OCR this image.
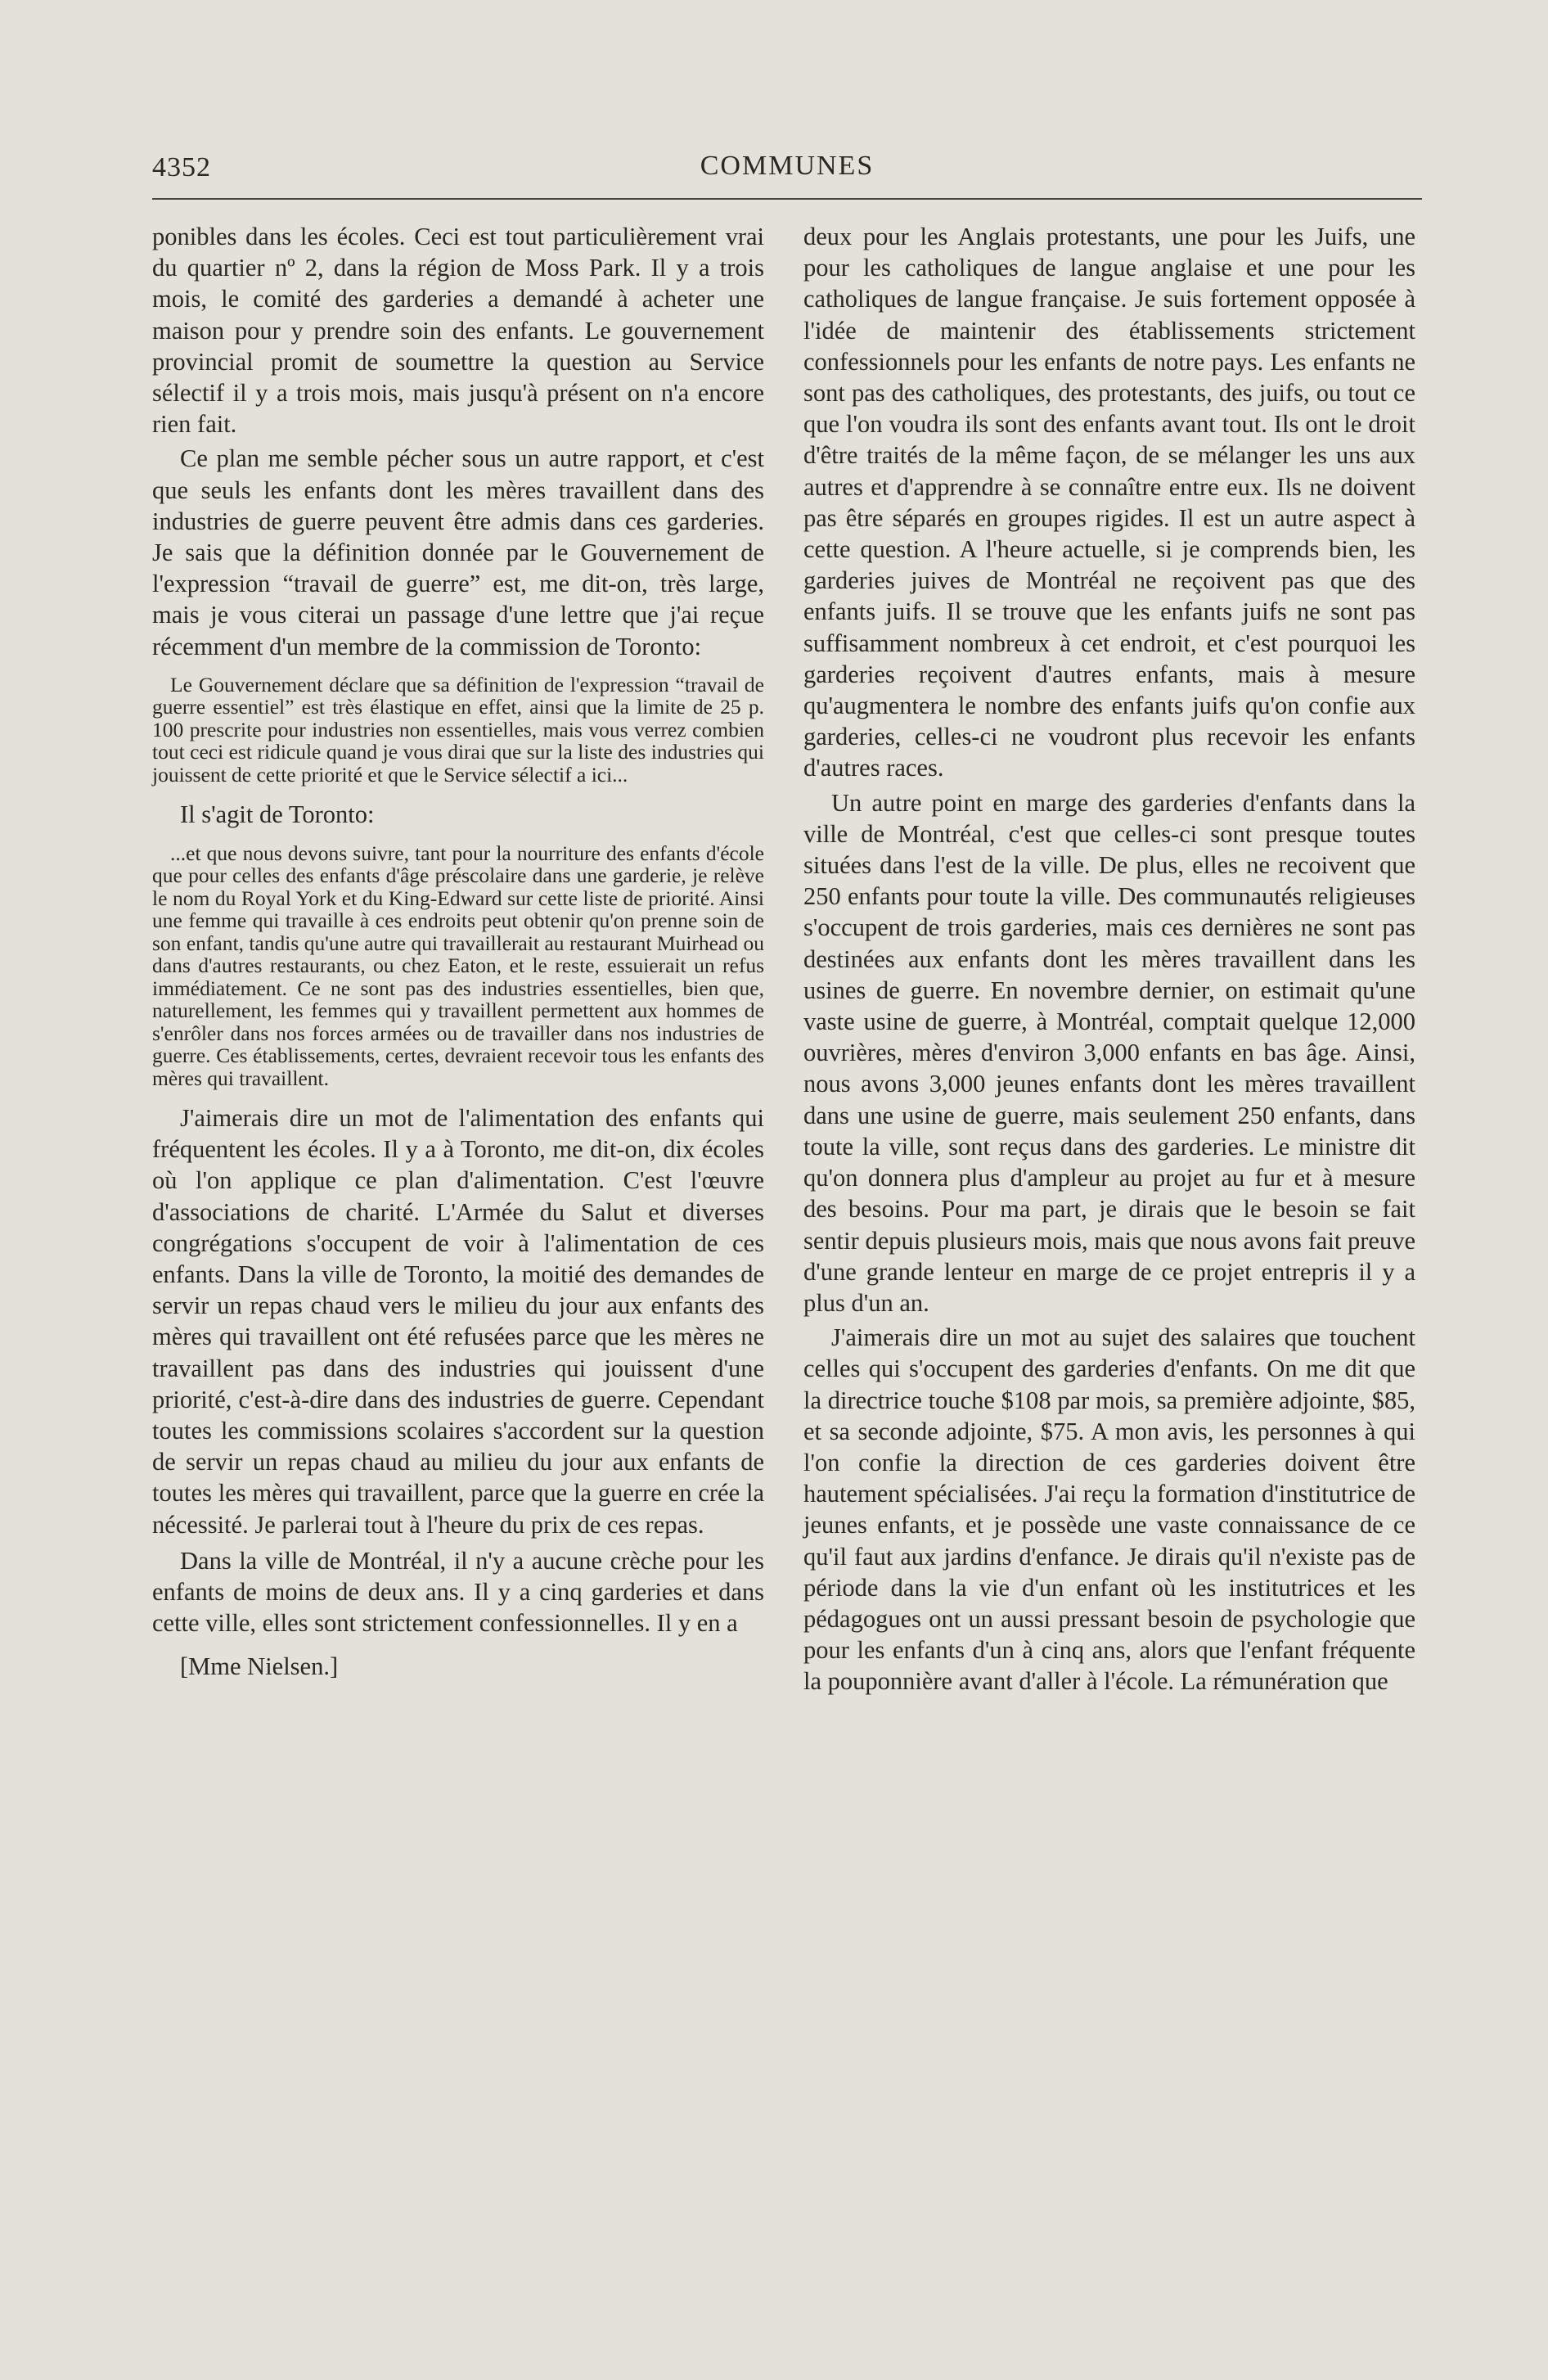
4352	COMMUNES

ponibles dans les écoles. Ceci est tout particulièrement vrai du quartier nº 2, dans la région de Moss Park. Il y a trois mois, le comité des garderies a demandé à acheter une maison pour y prendre soin des enfants. Le gouvernement provincial promit de soumettre la question au Service sélectif il y a trois mois, mais jusqu'à présent on n'a encore rien fait.

Ce plan me semble pécher sous un autre rapport, et c'est que seuls les enfants dont les mères travaillent dans des industries de guerre peuvent être admis dans ces garderies. Je sais que la définition donnée par le Gouvernement de l'expression “travail de guerre” est, me dit-on, très large, mais je vous citerai un passage d'une lettre que j'ai reçue récemment d'un membre de la commission de Toronto:

Le Gouvernement déclare que sa définition de l'expression “travail de guerre essentiel” est très élastique en effet, ainsi que la limite de 25 p. 100 prescrite pour industries non essentielles, mais vous verrez combien tout ceci est ridicule quand je vous dirai que sur la liste des industries qui jouissent de cette priorité et que le Service sélectif a ici...

Il s'agit de Toronto:

...et que nous devons suivre, tant pour la nourriture des enfants d'école que pour celles des enfants d'âge préscolaire dans une garderie, je relève le nom du Royal York et du King-Edward sur cette liste de priorité. Ainsi une femme qui travaille à ces endroits peut obtenir qu'on prenne soin de son enfant, tandis qu'une autre qui travaillerait au restaurant Muirhead ou dans d'autres restaurants, ou chez Eaton, et le reste, essuierait un refus immédiatement. Ce ne sont pas des industries essentielles, bien que, naturellement, les femmes qui y travaillent permettent aux hommes de s'enrôler dans nos forces armées ou de travailler dans nos industries de guerre. Ces établissements, certes, devraient recevoir tous les enfants des mères qui travaillent.

J'aimerais dire un mot de l'alimentation des enfants qui fréquentent les écoles. Il y a à Toronto, me dit-on, dix écoles où l'on applique ce plan d'alimentation. C'est l'œuvre d'associations de charité. L'Armée du Salut et diverses congrégations s'occupent de voir à l'alimentation de ces enfants. Dans la ville de Toronto, la moitié des demandes de servir un repas chaud vers le milieu du jour aux enfants des mères qui travaillent ont été refusées parce que les mères ne travaillent pas dans des industries qui jouissent d'une priorité, c'est-à-dire dans des industries de guerre. Cependant toutes les commissions scolaires s'accordent sur la question de servir un repas chaud au milieu du jour aux enfants de toutes les mères qui travaillent, parce que la guerre en crée la nécessité. Je parlerai tout à l'heure du prix de ces repas.

Dans la ville de Montréal, il n'y a aucune crèche pour les enfants de moins de deux ans. Il y a cinq garderies et dans cette ville, elles sont strictement confessionnelles. Il y en a

[Mme Nielsen.]

deux pour les Anglais protestants, une pour les Juifs, une pour les catholiques de langue anglaise et une pour les catholiques de langue française. Je suis fortement opposée à l'idée de maintenir des établissements strictement confessionnels pour les enfants de notre pays. Les enfants ne sont pas des catholiques, des protestants, des juifs, ou tout ce que l'on voudra ils sont des enfants avant tout. Ils ont le droit d'être traités de la même façon, de se mélanger les uns aux autres et d'apprendre à se connaître entre eux. Ils ne doivent pas être séparés en groupes rigides. Il est un autre aspect à cette question. A l'heure actuelle, si je comprends bien, les garderies juives de Montréal ne reçoivent pas que des enfants juifs. Il se trouve que les enfants juifs ne sont pas suffisamment nombreux à cet endroit, et c'est pourquoi les garderies reçoivent d'autres enfants, mais à mesure qu'augmentera le nombre des enfants juifs qu'on confie aux garderies, celles-ci ne voudront plus recevoir les enfants d'autres races.

Un autre point en marge des garderies d'enfants dans la ville de Montréal, c'est que celles-ci sont presque toutes situées dans l'est de la ville. De plus, elles ne recoivent que 250 enfants pour toute la ville. Des communautés religieuses s'occupent de trois garderies, mais ces dernières ne sont pas destinées aux enfants dont les mères travaillent dans les usines de guerre. En novembre dernier, on estimait qu'une vaste usine de guerre, à Montréal, comptait quelque 12,000 ouvrières, mères d'environ 3,000 enfants en bas âge. Ainsi, nous avons 3,000 jeunes enfants dont les mères travaillent dans une usine de guerre, mais seulement 250 enfants, dans toute la ville, sont reçus dans des garderies. Le ministre dit qu'on donnera plus d'ampleur au projet au fur et à mesure des besoins. Pour ma part, je dirais que le besoin se fait sentir depuis plusieurs mois, mais que nous avons fait preuve d'une grande lenteur en marge de ce projet entrepris il y a plus d'un an.

J'aimerais dire un mot au sujet des salaires que touchent celles qui s'occupent des garderies d'enfants. On me dit que la directrice touche $108 par mois, sa première adjointe, $85, et sa seconde adjointe, $75. A mon avis, les personnes à qui l'on confie la direction de ces garderies doivent être hautement spécialisées. J'ai reçu la formation d'institutrice de jeunes enfants, et je possède une vaste connaissance de ce qu'il faut aux jardins d'enfance. Je dirais qu'il n'existe pas de période dans la vie d'un enfant où les institutrices et les pédagogues ont un aussi pressant besoin de psychologie que pour les enfants d'un à cinq ans, alors que l'enfant fréquente la pouponnière avant d'aller à l'école. La rémunération que
